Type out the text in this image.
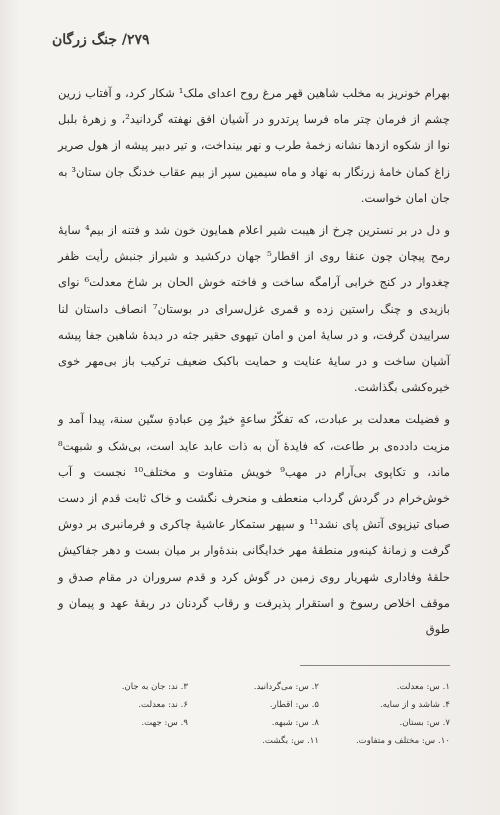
۲۷۹/ جنگ زرگان

بهرام خونریز به مخلب شاهین قهر مرغ روح اعدای ملک¹ شکار کرد، و آفتاب زرین چشم از فرمان چتر ماه فرسا پرتدرو در آشیان افق نهفته گردانید²، و زهرهٔ بلبل نوا از شکوه ازدها نشانه زخمهٔ طرب و نهر بینداخت، و تیر دبیر پیشه از هول صریر زاغ کمان خامهٔ زرنگار به نهاد و ماه سیمین سپر از بیم عقاب خدنگ جان ستان³ به جان امان خواست.

و دل در بر نسترین چرخ از هیبت شیر اعلام همایون خون شد و فتنه از بیم⁴ سایهٔ رمح پیچان چون عنقا روی از اقطار⁵ جهان درکشید و شیراز جنبش رأیت ظفر چغدوار در کنج خرابی آرامگه ساخت و فاخته خوش الحان بر شاخ معدلت⁶ نوای بازیدی و چنگ راستین زده و قمری غزل‌سرای در بوستان⁷ انصاف داستان لنا سراییدن گرفت، و در سایهٔ امن و امان تیهوی حقیر جثه در دیدهٔ شاهین جفا پیشه آشیان ساخت و در سایهٔ عنایت و حمایت باکبک ضعیف ترکیب باز بی‌مهر خوی خیره‌کشی بگذاشت.

و فضیلت معدلت بر عبادت، که تفکّرُ ساعةٍ خیرٌ مِن عبادةِ ستّین سنة، پیدا آمد و مزیت دادده‌ی بر طاعت، که فایدهٔ آن به ذات عابد عاید است، بی‌شک و شبهت⁸ ماند، و تکاپوی بی‌آرام در مهب⁹ خویش متفاوت و مختلف¹⁰ نجست و آب خوش‌خرام در گردش گرداب منعطف و منحرف نگشت و خاک ثابت قدم از دست صبای تیزپوی آتش پای نشد¹¹ و سپهر ستمکار عاشیهٔ چاکری و فرمانبری بر دوش گرفت و زمانهٔ کینه‌ور منطقهٔ مهر خدایگانی بندهٔ‌وار بر میان بست و دهر جفاکیش حلقهٔ وفاداری شهریار روی زمین در گوش کرد و قدم سروران در مقام صدق و موقف اخلاص رسوخ و استقرار پذیرفت و رقاب گردنان در ربقهٔ عهد و پیمان و طوق

۱. س: معدلت.
۲. س: می‌گردانید.
۳. ند: جان به جان.
۴. شاشد و از سایه.
۵. س: اقطار.
۶. ند: معدلت.
۷. س: بستان.
۸. س: شبهه.
۹. س: جهت.
۱۰. س: مختلف و متفاوت.
۱۱. س: بگشت.
